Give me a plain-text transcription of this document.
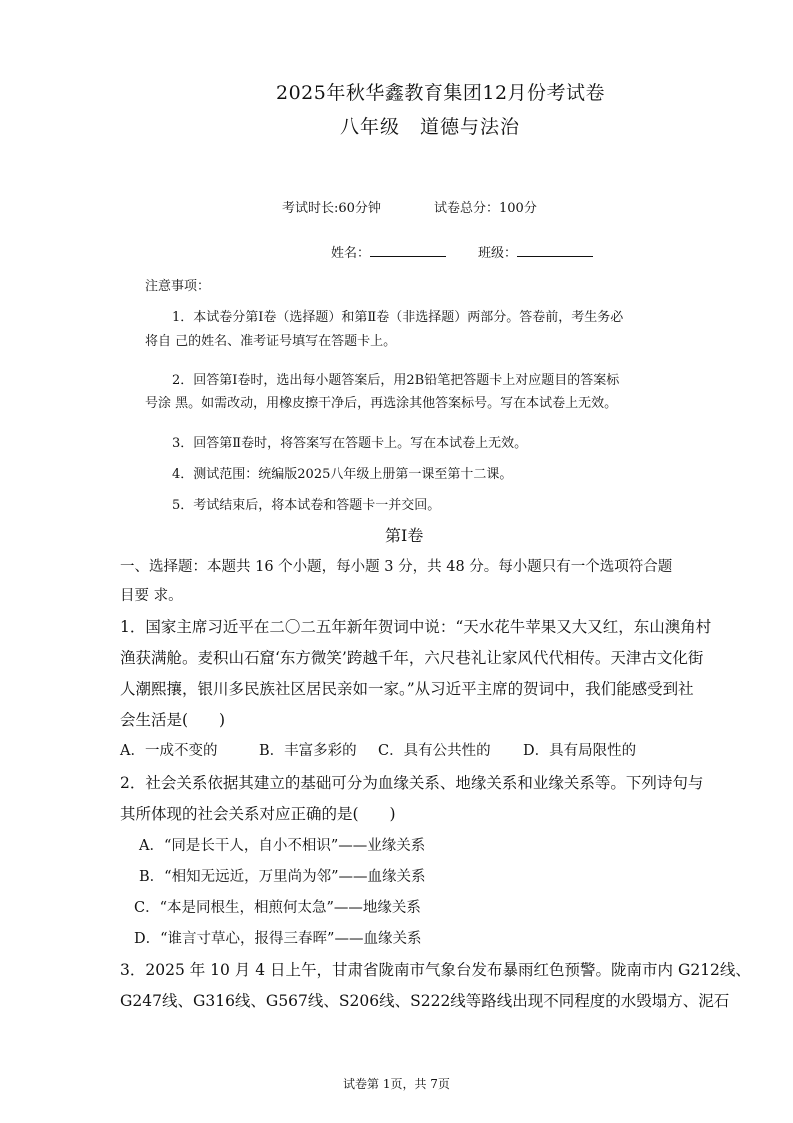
2025年秋华鑫教育集团12月份考试卷
八年级　道德与法治
考试时长:60分钟	试卷总分：100分
姓名：	班级：
注意事项：
1．本试卷分第Ⅰ卷（选择题）和第Ⅱ卷（非选择题）两部分。答卷前，考生务必
将自 己的姓名、准考证号填写在答题卡上。
2．回答第Ⅰ卷时，选出每小题答案后，用2B铅笔把答题卡上对应题目的答案标
号涂 黑。如需改动，用橡皮擦干净后，再选涂其他答案标号。写在本试卷上无效。
3．回答第Ⅱ卷时，将答案写在答题卡上。写在本试卷上无效。
4．测试范围：统编版2025八年级上册第一课至第十二课。
5．考试结束后，将本试卷和答题卡一并交回。
第Ⅰ卷
一、选择题：本题共 16 个小题，每小题 3 分，共 48 分。每小题只有一个选项符合题
目要 求。
1．国家主席习近平在二〇二五年新年贺词中说：“天水花牛苹果又大又红，东山澳角村
渔获满舱。麦积山石窟‘东方微笑’跨越千年，六尺巷礼让家风代代相传。天津古文化街
人潮熙攘，银川多民族社区居民亲如一家。”从习近平主席的贺词中，我们能感受到社
会生活是(　　)
A．一成不变的	B．丰富多彩的 C．具有公共性的 D．具有局限性的
2．社会关系依据其建立的基础可分为血缘关系、地缘关系和业缘关系等。下列诗句与
其所体现的社会关系对应正确的是(　　)
A．“同是长干人，自小不相识”——业缘关系
B．“相知无远近，万里尚为邻”——血缘关系
C．“本是同根生，相煎何太急”——地缘关系
D．“谁言寸草心，报得三春晖”——血缘关系
3．2025 年 10 月 4 日上午，甘肃省陇南市气象台发布暴雨红色预警。陇南市内 G212线、
G247线、G316线、G567线、S206线、S222线等路线出现不同程度的水毁塌方、泥石
试卷第 1页，共 7页
